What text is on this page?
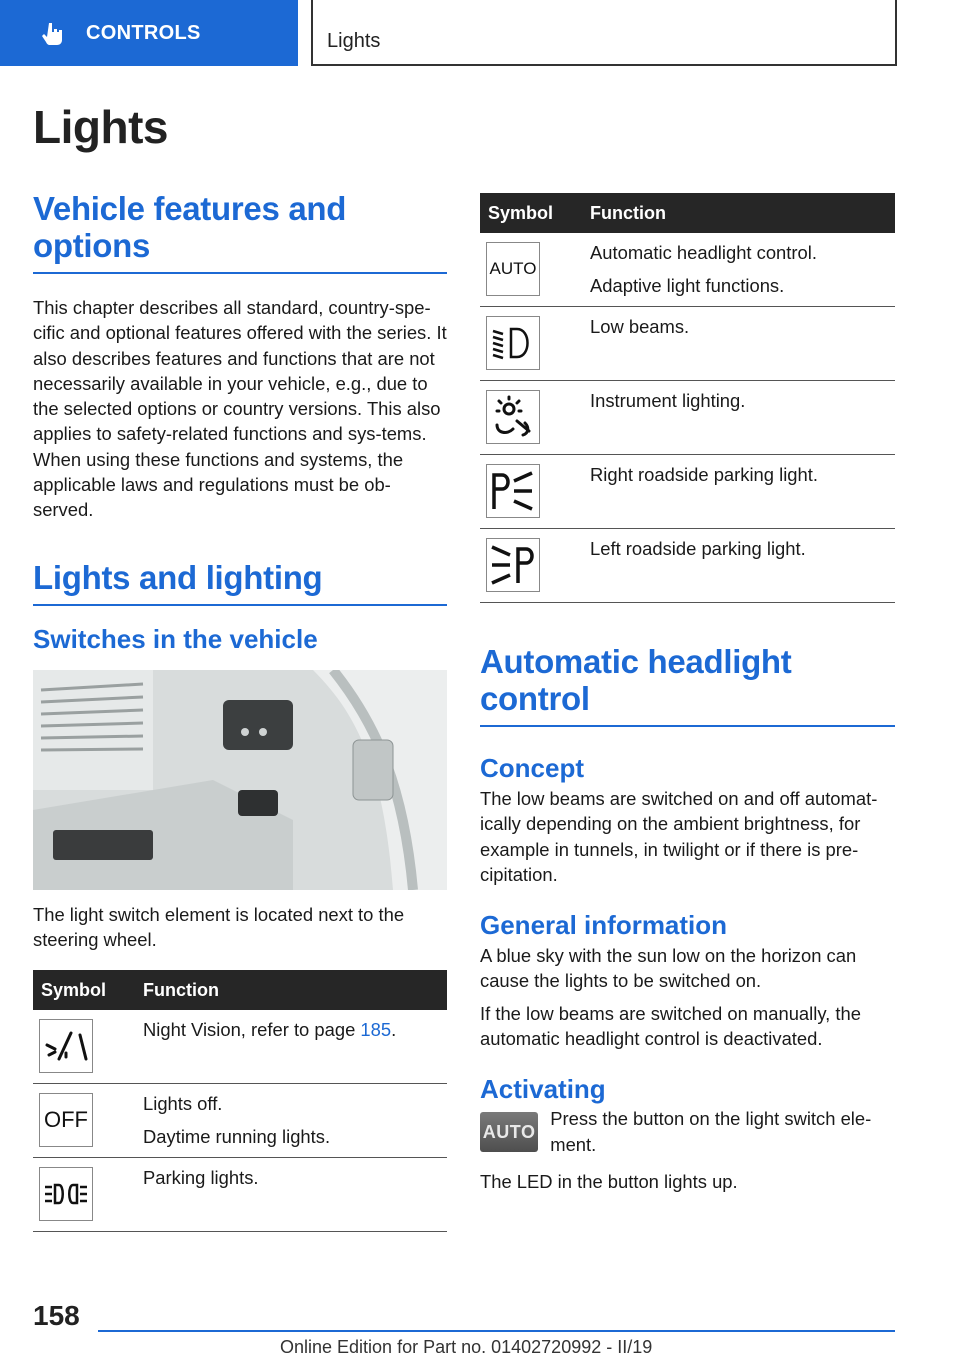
CONTROLS	Lights
Lights
Vehicle features and options

This chapter describes all standard, country-spe-cific and optional features offered with the series. It also describes features and functions that are not necessarily available in your vehicle, e.g., due to the selected options or country versions. This also applies to safety-related functions and sys-tems. When using these functions and systems, the applicable laws and regulations must be ob-served.

Lights and lighting
Switches in the vehicle

The light switch element is located next to the steering wheel.

Symbol	Function

Night Vision, refer to page 185.

OFF	Lights off.
Daytime running lights.

Parking lights.
Symbol	Function

AUTO	Automatic headlight control.
Adaptive light functions.

Low beams.

Instrument lighting.

Right roadside parking light.

Left roadside parking light.
Automatic headlight control
Concept

The low beams are switched on and off automat-ically depending on the ambient brightness, for example in tunnels, in twilight or if there is pre-cipitation.

General information

A blue sky with the sun low on the horizon can cause the lights to be switched on.

If the low beams are switched on manually, the automatic headlight control is deactivated.

Activating
AUTO

Press the button on the light switch ele-ment.

The LED in the button lights up.

158
Online Edition for Part no. 01402720992 - II/19
